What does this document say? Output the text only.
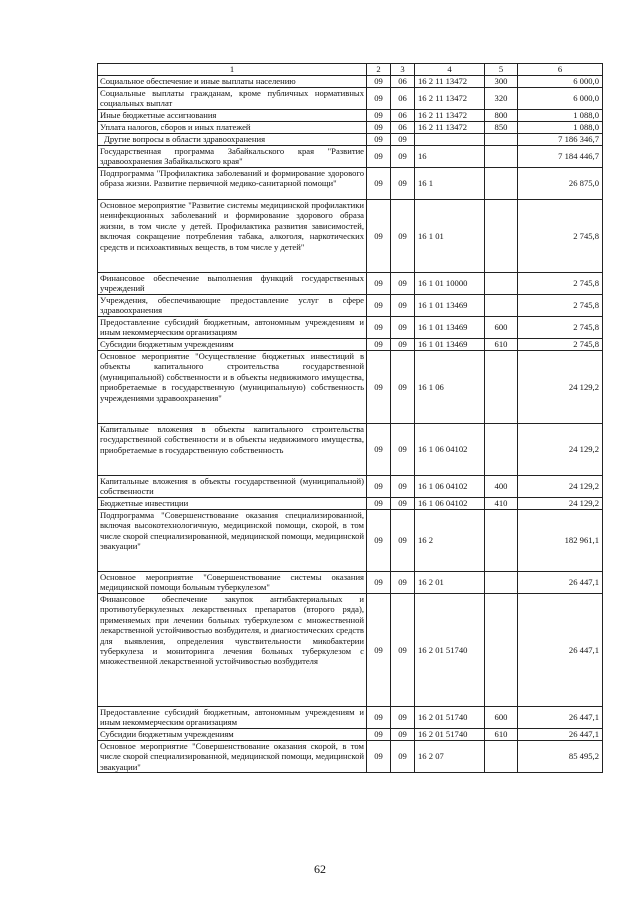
1	2	3	4	5	6
Социальное обеспечение и иные выплаты населению	09	06	16 2 11 13472	300	6 000,0
Социальные выплаты гражданам, кроме публичных нормативных социальных выплат	09	06	16 2 11 13472	320	6 000,0
Иные бюджетные ассигнования	09	06	16 2 11 13472	800	1 088,0
Уплата налогов, сборов и иных платежей	09	06	16 2 11 13472	850	1 088,0
Другие вопросы в области здравоохранения	09	09			7 186 346,7
Государственная программа Забайкальского края "Развитие здравоохранения Забайкальского края"	09	09	16		7 184 446,7
Подпрограмма "Профилактика заболеваний и формирование здорового образа жизни. Развитие первичной медико-санитарной помощи"	09	09	16 1		26 875,0
Основное мероприятие "Развитие системы медицинской профилактики неинфекционных заболеваний и формирование здорового образа жизни, в том числе у детей. Профилактика развития зависимостей, включая сокращение потребления табака, алкоголя, наркотических средств и психоактивных веществ, в том числе у детей"	09	09	16 1 01		2 745,8
Финансовое обеспечение выполнения функций государственных учреждений	09	09	16 1 01 10000		2 745,8
Учреждения, обеспечивающие предоставление услуг в сфере здравоохранения	09	09	16 1 01 13469		2 745,8
Предоставление субсидий бюджетным, автономным учреждениям и иным некоммерческим организациям	09	09	16 1 01 13469	600	2 745,8
Субсидии бюджетным учреждениям	09	09	16 1 01 13469	610	2 745,8
Основное мероприятие "Осуществление бюджетных инвестиций в объекты капитального строительства государственной (муниципальной) собственности и в объекты недвижимого имущества, приобретаемые в государственную (муниципальную) собственность учреждениями здравоохранения"	09	09	16 1 06		24 129,2
Капитальные вложения в объекты капитального строительства государственной собственности и в объекты недвижимого имущества, приобретаемые в государственную собственность	09	09	16 1 06 04102		24 129,2
Капитальные вложения в объекты государственной (муниципальной) собственности	09	09	16 1 06 04102	400	24 129,2
Бюджетные инвестиции	09	09	16 1 06 04102	410	24 129,2
Подпрограмма "Совершенствование оказания специализированной, включая высокотехнологичную, медицинской помощи, скорой, в том числе скорой специализированной, медицинской помощи, медицинской эвакуации"	09	09	16 2		182 961,1
Основное мероприятие "Совершенствование системы оказания медицинской помощи больным туберкулезом"	09	09	16 2 01		26 447,1
Финансовое обеспечение закупок антибактериальных и противотуберкулезных лекарственных препаратов (второго ряда), применяемых при лечении больных туберкулезом с множественной лекарственной устойчивостью возбудителя, и диагностических средств для выявления, определения чувствительности микобактерии туберкулеза и мониторинга лечения больных туберкулезом с множественной лекарственной устойчивостью возбудителя	09	09	16 2 01 51740		26 447,1
Предоставление субсидий бюджетным, автономным учреждениям и иным некоммерческим организациям	09	09	16 2 01 51740	600	26 447,1
Субсидии бюджетным учреждениям	09	09	16 2 01 51740	610	26 447,1
Основное мероприятие "Совершенствование оказания скорой, в том числе скорой специализированной, медицинской помощи, медицинской эвакуации"	09	09	16 2 07		85 495,2
62
